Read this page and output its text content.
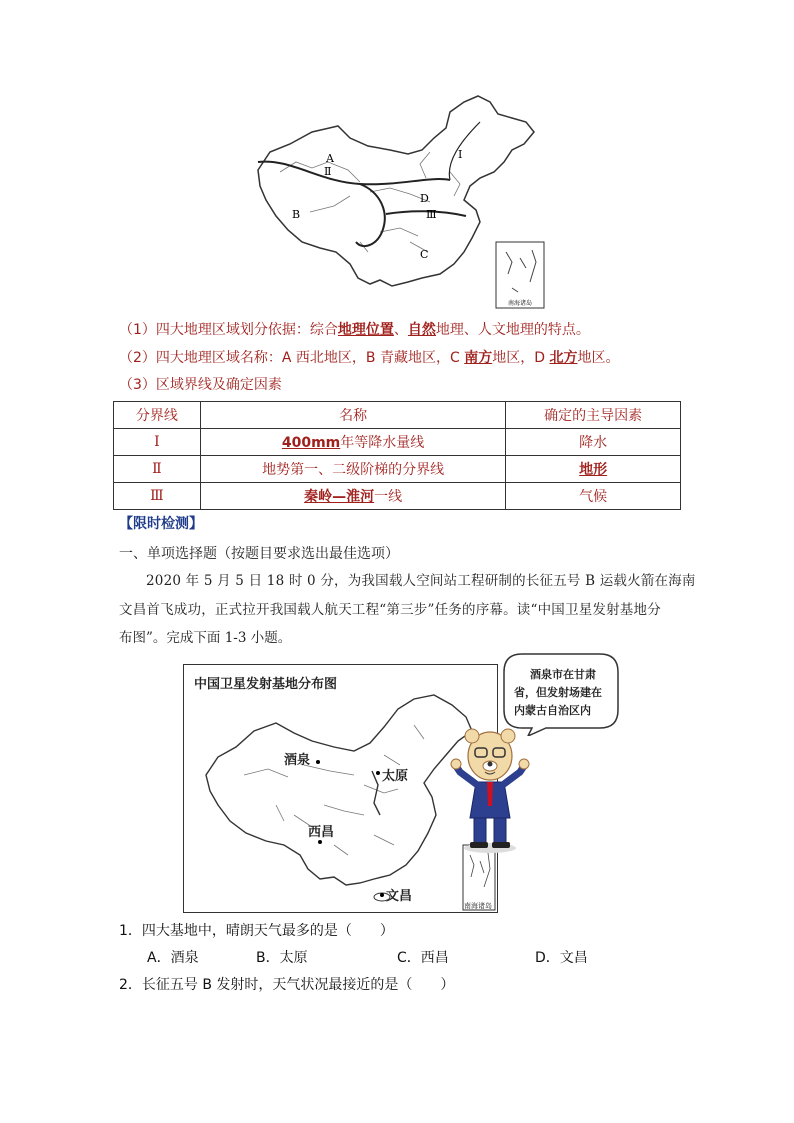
A
Ⅱ
B
C
D
I
Ⅲ
南海诸岛
（1）四大地理区域划分依据：综合地理位置、自然地理、人文地理的特点。
（2）四大地理区域名称：A 西北地区，B 青藏地区，C 南方地区，D 北方地区。
（3）区域界线及确定因素
分界线	名称	确定的主导因素
Ⅰ	400mm年等降水量线	降水
Ⅱ	地势第一、二级阶梯的分界线	地形
Ⅲ	秦岭—淮河一线	气候
【限时检测】
一、单项选择题（按题目要求选出最佳选项）
2020 年 5 月 5 日 18 时 0 分，为我国载人空间站工程研制的长征五号 B 运载火箭在海南
文昌首飞成功，正式拉开我国载人航天工程“第三步”任务的序幕。读“中国卫星发射基地分
布图”。完成下面 1-3 小题。
中国卫星发射基地分布图
酒泉
太原
西昌
文昌
南海诸岛
酒泉市在甘肃
省，但发射场建在
内蒙古自治区内
1．四大基地中，晴朗天气最多的是（　　）
A．酒泉	B．太原	C．西昌	D．文昌
2．长征五号 B 发射时，天气状况最接近的是（　　）
